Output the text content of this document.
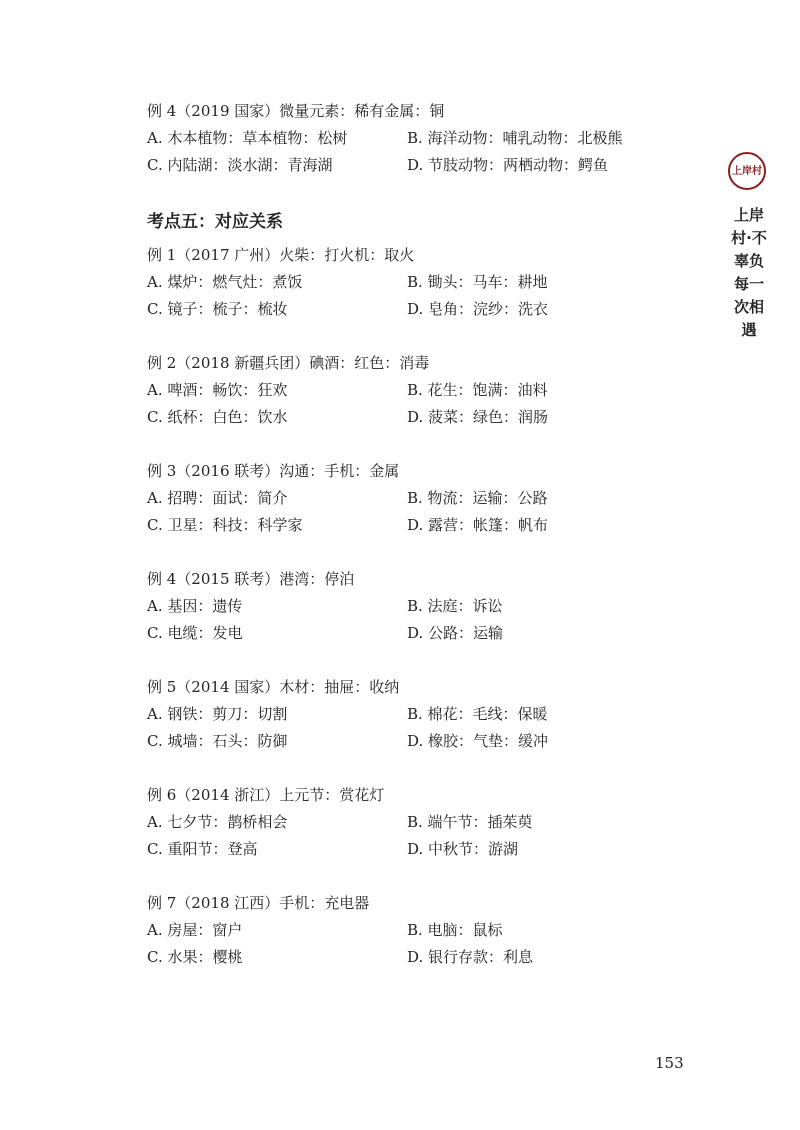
例 4（2019 国家）微量元素：稀有金属：铜
A. 木本植物：草本植物：松树	B. 海洋动物：哺乳动物：北极熊
C. 内陆湖：淡水湖：青海湖	D. 节肢动物：两栖动物：鳄鱼
考点五：对应关系
例 1（2017 广州）火柴：打火机：取火
A. 煤炉：燃气灶：煮饭	B. 锄头：马车：耕地
C. 镜子：梳子：梳妆	D. 皂角：浣纱：洗衣
例 2（2018 新疆兵团）碘酒：红色：消毒
A. 啤酒：畅饮：狂欢	B. 花生：饱满：油料
C. 纸杯：白色：饮水	D. 菠菜：绿色：润肠
例 3（2016 联考）沟通：手机：金属
A. 招聘：面试：简介	B. 物流：运输：公路
C. 卫星：科技：科学家	D. 露营：帐篷：帆布
例 4（2015 联考）港湾：停泊
A. 基因：遗传	B. 法庭：诉讼
C. 电缆：发电	D. 公路：运输
例 5（2014 国家）木材：抽屉：收纳
A. 钢铁：剪刀：切割	B. 棉花：毛线：保暖
C. 城墙：石头：防御	D. 橡胶：气垫：缓冲
例 6（2014 浙江）上元节：赏花灯
A. 七夕节：鹊桥相会	B. 端午节：插茱萸
C. 重阳节：登高	D. 中秋节：游湖
例 7（2018 江西）手机：充电器
A. 房屋：窗户	B. 电脑：鼠标
C. 水果：樱桃	D. 银行存款：利息
上岸村
上岸村·不辜负每一次相遇
153
